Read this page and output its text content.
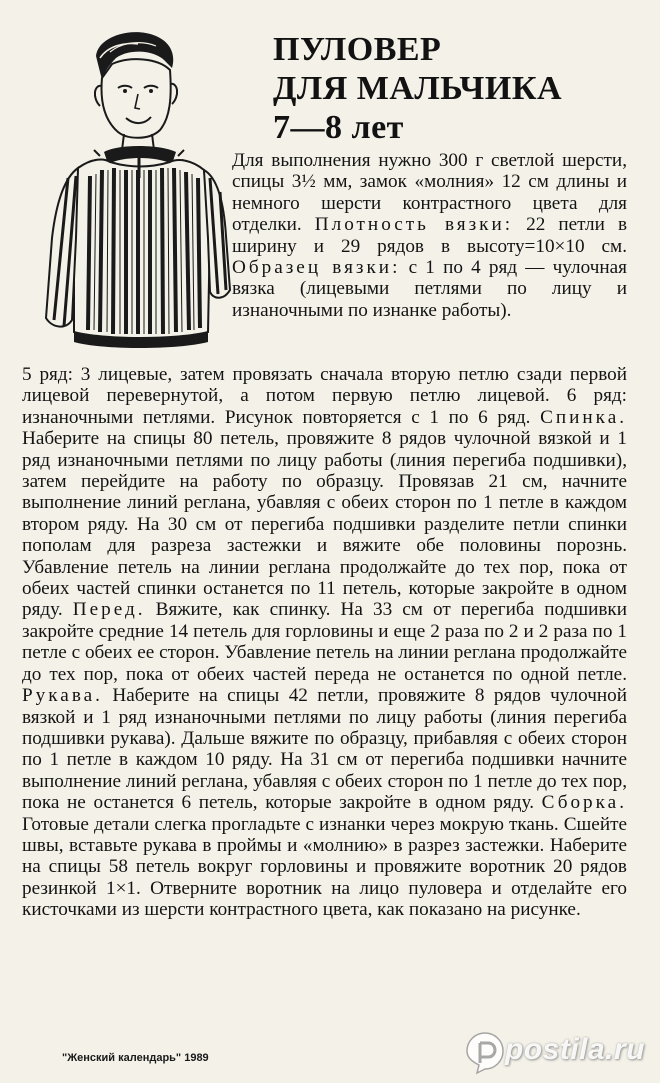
ПУЛОВЕР
ДЛЯ МАЛЬЧИКА
7—8 лет
Для выполнения нужно 300 г светлой шерсти, спицы 3½ мм, замок «молния» 12 см длины и немного шерсти контрастного цвета для отделки. Плотность вязки: 22 петли в ширину и 29 рядов в высоту=10×10 см. Образец вязки: с 1 по 4 ряд — чулочная вязка (лицевыми петлями по лицу и изнаночными по изнанке работы).
5 ряд: 3 лицевые, затем провязать сначала вторую петлю сзади первой лицевой перевернутой, а потом первую петлю лицевой. 6 ряд: изнаночными петлями. Рисунок повторяется с 1 по 6 ряд. Спинка. Наберите на спицы 80 петель, провяжите 8 рядов чулочной вязкой и 1 ряд изнаночными петлями по лицу работы (линия перегиба подшивки), затем перейдите на работу по образцу. Провязав 21 см, начните выполнение линий реглана, убавляя с обеих сторон по 1 петле в каждом втором ряду. На 30 см от перегиба подшивки разделите петли спинки пополам для разреза застежки и вяжите обе половины порознь. Убавление петель на линии реглана продолжайте до тех пор, пока от обеих частей спинки останется по 11 петель, которые закройте в одном ряду. Перед. Вяжите, как спинку. На 33 см от перегиба подшивки закройте средние 14 петель для горловины и еще 2 раза по 2 и 2 раза по 1 петле с обеих ее сторон. Убавление петель на линии реглана продолжайте до тех пор, пока от обеих частей переда не останется по одной петле. Рукава. Наберите на спицы 42 петли, провяжите 8 рядов чулочной вязкой и 1 ряд изнаночными петлями по лицу работы (линия перегиба подшивки рукава). Дальше вяжите по образцу, прибавляя с обеих сторон по 1 петле в каждом 10 ряду. На 31 см от перегиба подшивки начните выполнение линий реглана, убавляя с обеих сторон по 1 петле до тех пор, пока не останется 6 петель, которые закройте в одном ряду. Сборка. Готовые детали слегка прогладьте с изнанки через мокрую ткань. Сшейте швы, вставьте рукава в проймы и «молнию» в разрез застежки. Наберите на спицы 58 петель вокруг горловины и провяжите воротник 20 рядов резинкой 1×1. Отверните воротник на лицо пуловера и отделайте его кисточками из шерсти контрастного цвета, как показано на рисунке.
"Женский календарь" 1989	postila.ru
